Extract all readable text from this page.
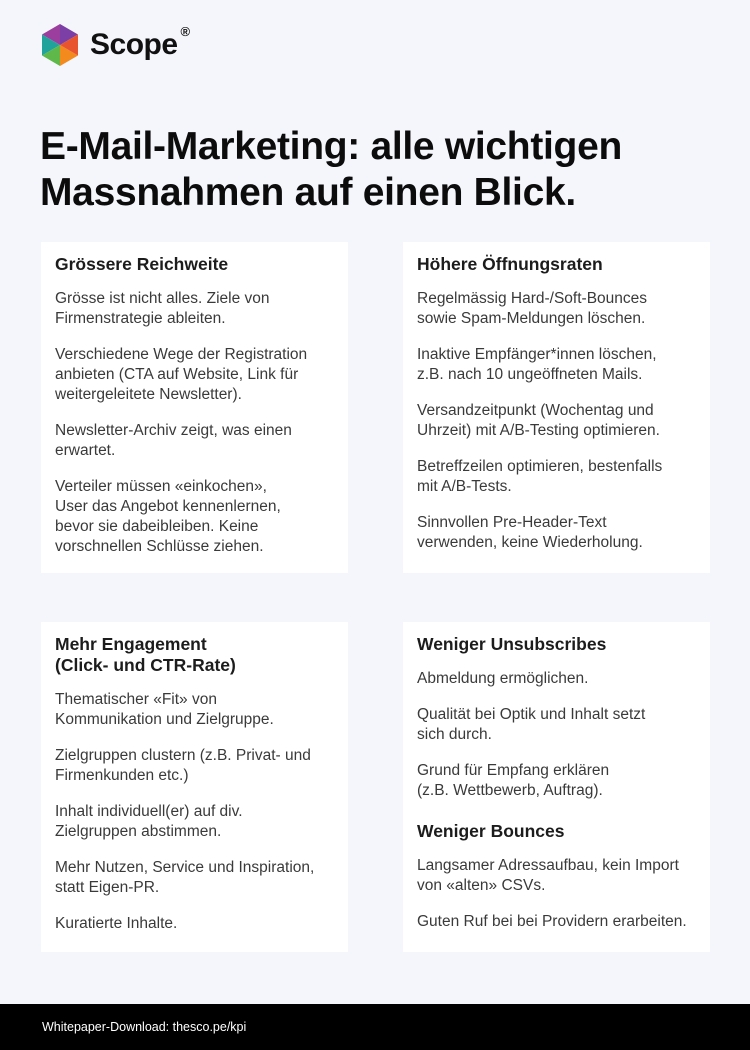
Scope ®
E-Mail-Marketing: alle wichtigen
Massnahmen auf einen Blick.
Grössere Reichweite

Grösse ist nicht alles. Ziele von
Firmenstrategie ableiten.

Verschiedene Wege der Registration
anbieten (CTA auf Website, Link für
weitergeleitete Newsletter).

Newsletter-Archiv zeigt, was einen
erwartet.

Verteiler müssen «einkochen»,
User das Angebot kennenlernen,
bevor sie dabeibleiben. Keine
vorschnellen Schlüsse ziehen.

Höhere Öffnungsraten

Regelmässig Hard-/Soft-Bounces
sowie Spam-Meldungen löschen.

Inaktive Empfänger*innen löschen,
z.B. nach 10 ungeöffneten Mails.

Versandzeitpunkt (Wochentag und
Uhrzeit) mit A/B-Testing optimieren.

Betreffzeilen optimieren, bestenfalls
mit A/B-Tests.

Sinnvollen Pre-Header-Text
verwenden, keine Wiederholung.

Mehr Engagement
(Click- und CTR-Rate)

Thematischer «Fit» von
Kommunikation und Zielgruppe.

Zielgruppen clustern (z.B. Privat- und
Firmenkunden etc.)

Inhalt individuell(er) auf div.
Zielgruppen abstimmen.

Mehr Nutzen, Service und Inspiration,
statt Eigen-PR.

Kuratierte Inhalte.

Weniger Unsubscribes

Abmeldung ermöglichen.

Qualität bei Optik und Inhalt setzt
sich durch.

Grund für Empfang erklären
(z.B. Wettbewerb, Auftrag).

Weniger Bounces

Langsamer Adressaufbau, kein Import
von «alten» CSVs.

Guten Ruf bei bei Providern erarbeiten.

Whitepaper-Download: thesco.pe/kpi
